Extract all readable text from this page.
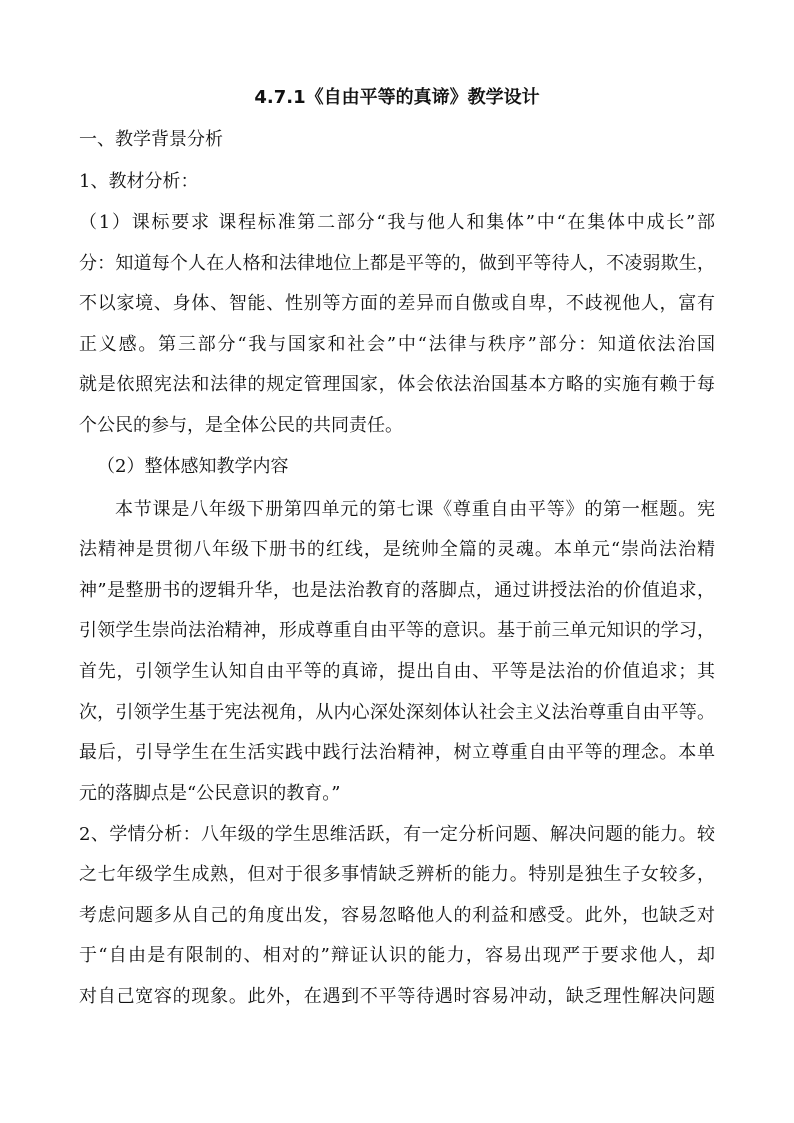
4.7.1《自由平等的真谛》教学设计
一、教学背景分析
1、教材分析：
（1）课标要求 课程标准第二部分“我与他人和集体”中“在集体中成长”部
分：知道每个人在人格和法律地位上都是平等的，做到平等待人，不凌弱欺生，
不以家境、身体、智能、性别等方面的差异而自傲或自卑，不歧视他人，富有
正义感。第三部分“我与国家和社会”中“法律与秩序”部分：知道依法治国
就是依照宪法和法律的规定管理国家，体会依法治国基本方略的实施有赖于每
个公民的参与，是全体公民的共同责任。
（2）整体感知教学内容
本节课是八年级下册第四单元的第七课《尊重自由平等》的第一框题。宪
法精神是贯彻八年级下册书的红线，是统帅全篇的灵魂。本单元“崇尚法治精
神”是整册书的逻辑升华，也是法治教育的落脚点，通过讲授法治的价值追求，
引领学生崇尚法治精神，形成尊重自由平等的意识。基于前三单元知识的学习，
首先，引领学生认知自由平等的真谛，提出自由、平等是法治的价值追求；其
次，引领学生基于宪法视角，从内心深处深刻体认社会主义法治尊重自由平等。
最后，引导学生在生活实践中践行法治精神，树立尊重自由平等的理念。本单
元的落脚点是“公民意识的教育。”
2、学情分析：八年级的学生思维活跃，有一定分析问题、解决问题的能力。较
之七年级学生成熟，但对于很多事情缺乏辨析的能力。特别是独生子女较多，
考虑问题多从自己的角度出发，容易忽略他人的利益和感受。此外，也缺乏对
于“自由是有限制的、相对的”辩证认识的能力，容易出现严于要求他人，却
对自己宽容的现象。此外，在遇到不平等待遇时容易冲动，缺乏理性解决问题
